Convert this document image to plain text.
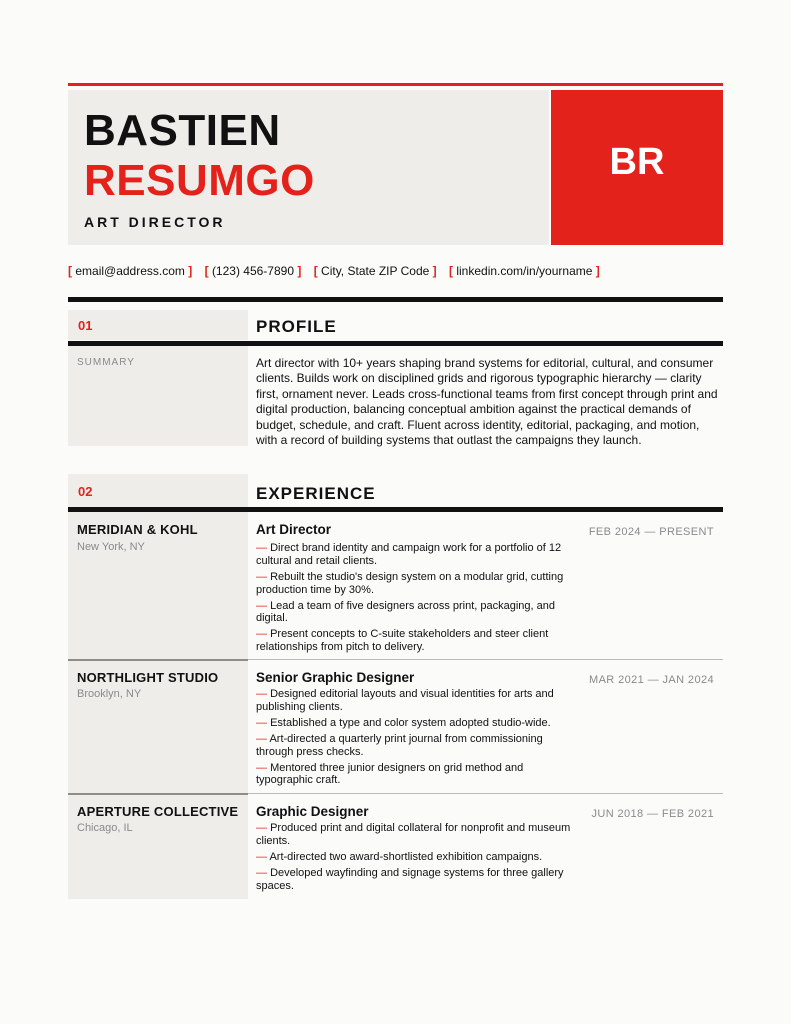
BASTIEN
RESUMGO
ART DIRECTOR
BR
[ email@address.com ] [ (123) 456-7890 ] [ City, State ZIP Code ] [ linkedin.com/in/yourname ]
01	PROFILE
SUMMARY	Art director with 10+ years shaping brand systems for editorial, cultural, and consumer clients. Builds work on disciplined grids and rigorous typographic hierarchy — clarity first, ornament never. Leads cross-functional teams from first concept through print and digital production, balancing conceptual ambition against the practical demands of budget, schedule, and craft. Fluent across identity, editorial, packaging, and motion, with a record of building systems that outlast the campaigns they launch.
02	EXPERIENCE
MERIDIAN & KOHL
New York, NY
Art Director	FEB 2024 — PRESENT
— Direct brand identity and campaign work for a portfolio of 12 cultural and retail clients.
— Rebuilt the studio's design system on a modular grid, cutting production time by 30%.
— Lead a team of five designers across print, packaging, and digital.
— Present concepts to C-suite stakeholders and steer client relationships from pitch to delivery.
NORTHLIGHT STUDIO
Brooklyn, NY
Senior Graphic Designer	MAR 2021 — JAN 2024
— Designed editorial layouts and visual identities for arts and publishing clients.
— Established a type and color system adopted studio-wide.
— Art-directed a quarterly print journal from commissioning through press checks.
— Mentored three junior designers on grid method and typographic craft.
APERTURE COLLECTIVE
Chicago, IL
Graphic Designer	JUN 2018 — FEB 2021
— Produced print and digital collateral for nonprofit and museum clients.
— Art-directed two award-shortlisted exhibition campaigns.
— Developed wayfinding and signage systems for three gallery spaces.
